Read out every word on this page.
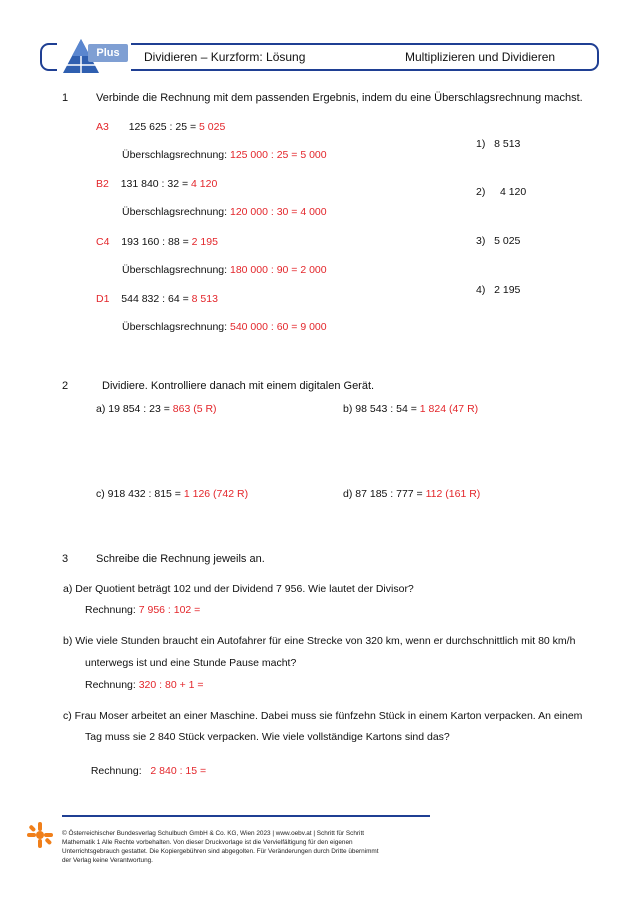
Plus	Dividieren – Kurzform: Lösung	Multiplizieren und Dividieren
1	Verbinde die Rechnung mit dem passenden Ergebnis, indem du eine Überschlagsrechnung machst.
A3 125 625 : 25 = 5 025
Überschlagsrechnung: 125 000 : 25 = 5 000
B2 131 840 : 32 = 4 120
Überschlagsrechnung: 120 000 : 30 = 4 000
C4 193 160 : 88 = 2 195
Überschlagsrechnung: 180 000 : 90 = 2 000
D1 544 832 : 64 = 8 513
Überschlagsrechnung: 540 000 : 60 = 9 000
1) 8 513
2) 4 120
3) 5 025
4) 2 195
2	Dividiere. Kontrolliere danach mit einem digitalen Gerät.
a) 19 854 : 23 = 863 (5 R)	b) 98 543 : 54 = 1 824 (47 R)
c) 918 432 : 815 = 1 126 (742 R)	d) 87 185 : 777 = 112 (161 R)
3	Schreibe die Rechnung jeweils an.
a) Der Quotient beträgt 102 und der Dividend 7 956. Wie lautet der Divisor?
Rechnung: 7 956 : 102 =
b) Wie viele Stunden braucht ein Autofahrer für eine Strecke von 320 km, wenn er durchschnittlich mit 80 km/h
unterwegs ist und eine Stunde Pause macht?
Rechnung: 320 : 80 + 1 =
c) Frau Moser arbeitet an einer Maschine. Dabei muss sie fünfzehn Stück in einem Karton verpacken. An einem
Tag muss sie 2 840 Stück verpacken. Wie viele vollständige Kartons sind das?

Rechnung:   2 840 : 15 =

© Österreichischer Bundesverlag Schulbuch GmbH & Co. KG, Wien 2023 | www.oebv.at | Schritt für Schritt
Mathematik 1 Alle Rechte vorbehalten. Von dieser Druckvorlage ist die Vervielfältigung für den eigenen
Unterrichtsgebrauch gestattet. Die Kopiergebühren sind abgegolten. Für Veränderungen durch Dritte übernimmt
der Verlag keine Verantwortung.
